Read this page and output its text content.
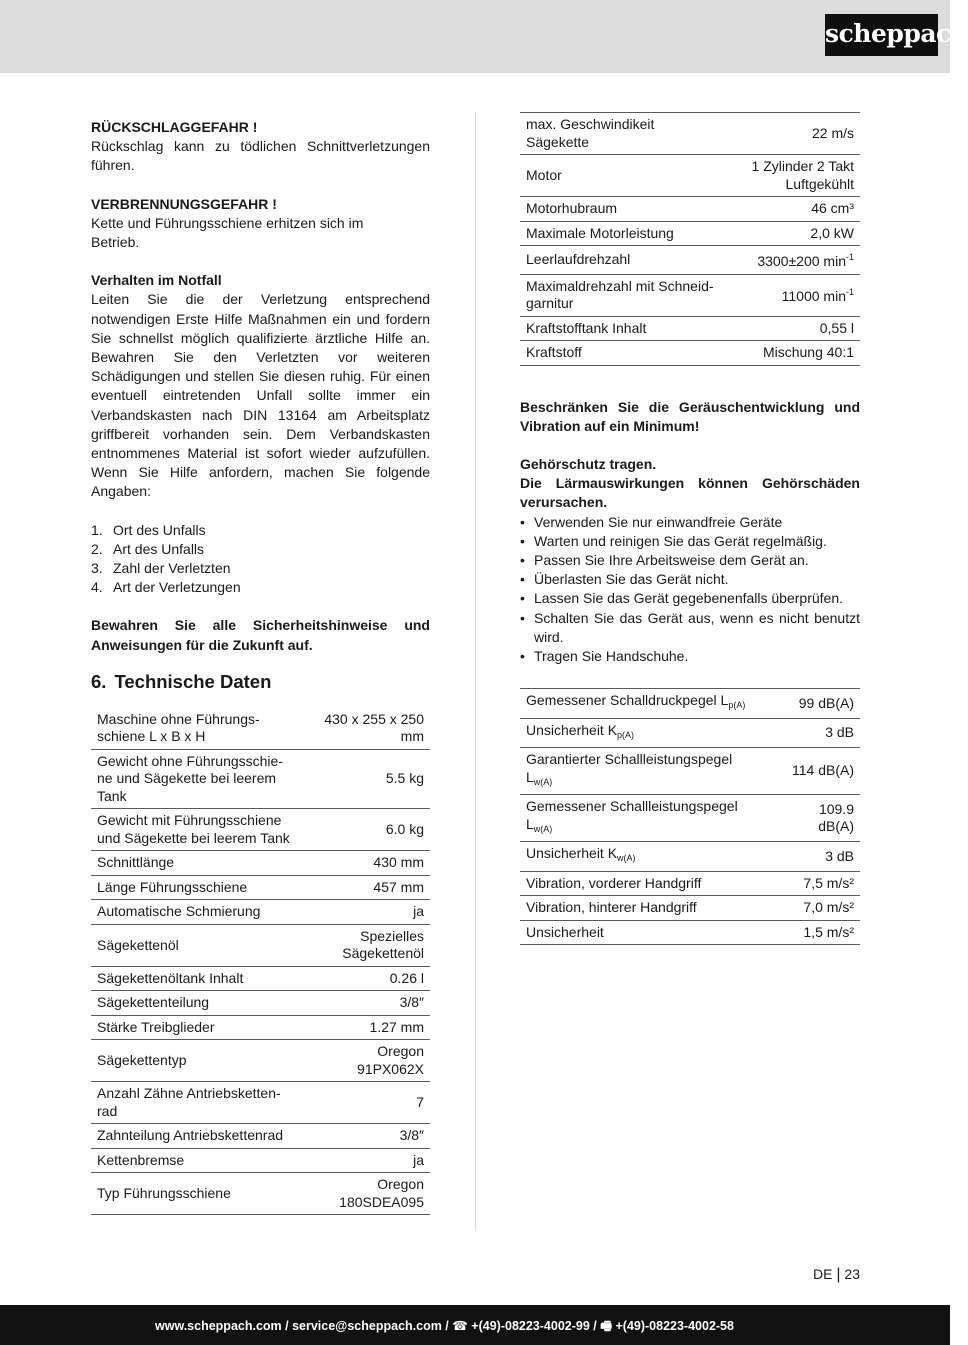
scheppach
RÜCKSCHLAGGEFAHR !
Rückschlag kann zu tödlichen Schnittverletzungen führen.
VERBRENNUNGSGEFAHR !
Kette und Führungsschiene erhitzen sich im Betrieb.
Verhalten im Notfall
Leiten Sie die der Verletzung entsprechend notwendigen Erste Hilfe Maßnahmen ein und fordern Sie schnellst möglich qualifizierte ärztliche Hilfe an. Bewahren Sie den Verletzten vor weiteren Schädigungen und stellen Sie diesen ruhig. Für einen eventuell eintretenden Unfall sollte immer ein Verbandskasten nach DIN 13164 am Arbeitsplatz griffbereit vorhanden sein. Dem Verbandskasten entnommenes Material ist sofort wieder aufzufüllen. Wenn Sie Hilfe anfordern, machen Sie folgende Angaben:
1. Ort des Unfalls
2. Art des Unfalls
3. Zahl der Verletzten
4. Art der Verletzungen
Bewahren Sie alle Sicherheitshinweise und Anweisungen für die Zukunft auf.
6. Technische Daten
Maschine ohne Führungs-
schiene L x B x H	430 x 255 x 250
mm
Gewicht ohne Führungsschie-
ne und Sägekette bei leerem
Tank	5.5 kg
Gewicht mit Führungsschiene
und Sägekette bei leerem Tank	6.0 kg
Schnittlänge	430 mm
Länge Führungsschiene	457 mm
Automatische Schmierung	ja
Sägekettenöl	Spezielles
Sägekettenöl
Sägekettenöltank Inhalt	0.26 l
Sägekettenteilung	3/8″
Stärke Treibglieder	1.27 mm
Sägekettentyp	Oregon
91PX062X
Anzahl Zähne Antriebsketten-
rad	7
Zahnteilung Antriebskettenrad	3/8″
Kettenbremse	ja
Typ Führungsschiene	Oregon
180SDEA095
max. Geschwindikeit
Sägekette	22 m/s
Motor	1 Zylinder 2 Takt
Luftgekühlt
Motorhubraum	46 cm³
Maximale Motorleistung	2,0 kW
Leerlaufdrehzahl	3300±200 $\min^{-1}$
Maximaldrehzahl mit Schneid-
garnitur	11000 $\min^{-1}$
Kraftstofftank Inhalt	0,55 l
Kraftstoff	Mischung 40:1
Beschränken Sie die Geräuschentwicklung und Vibration auf ein Minimum!
Gehörschutz tragen.
Die Lärmauswirkungen können Gehörschäden verursachen.
• Verwenden Sie nur einwandfreie Geräte
• Warten und reinigen Sie das Gerät regelmäßig.
• Passen Sie Ihre Arbeitsweise dem Gerät an.
• Überlasten Sie das Gerät nicht.
• Lassen Sie das Gerät gegebenenfalls überprüfen.
• Schalten Sie das Gerät aus, wenn es nicht benutzt wird.
• Tragen Sie Handschuhe.
Gemessener Schalldruckpegel $L_{p(A)}$	99 dB(A)
Unsicherheit $K_{p(A)}$	3 dB
Garantierter Schallleistungspegel
$L_{w(A)}$	114 dB(A)
Gemessener Schallleistungspegel
$L_{w(A)}$	109.9
dB(A)
Unsicherheit $K_{w(A)}$	3 dB
Vibration, vorderer Handgriff	7,5 m/s²
Vibration, hinterer Handgriff	7,0 m/s²
Unsicherheit	1,5 m/s²
DE | 23
www.scheppach.com / service@scheppach.com / ☎ +(49)-08223-4002-99 / 🖷 +(49)-08223-4002-58
